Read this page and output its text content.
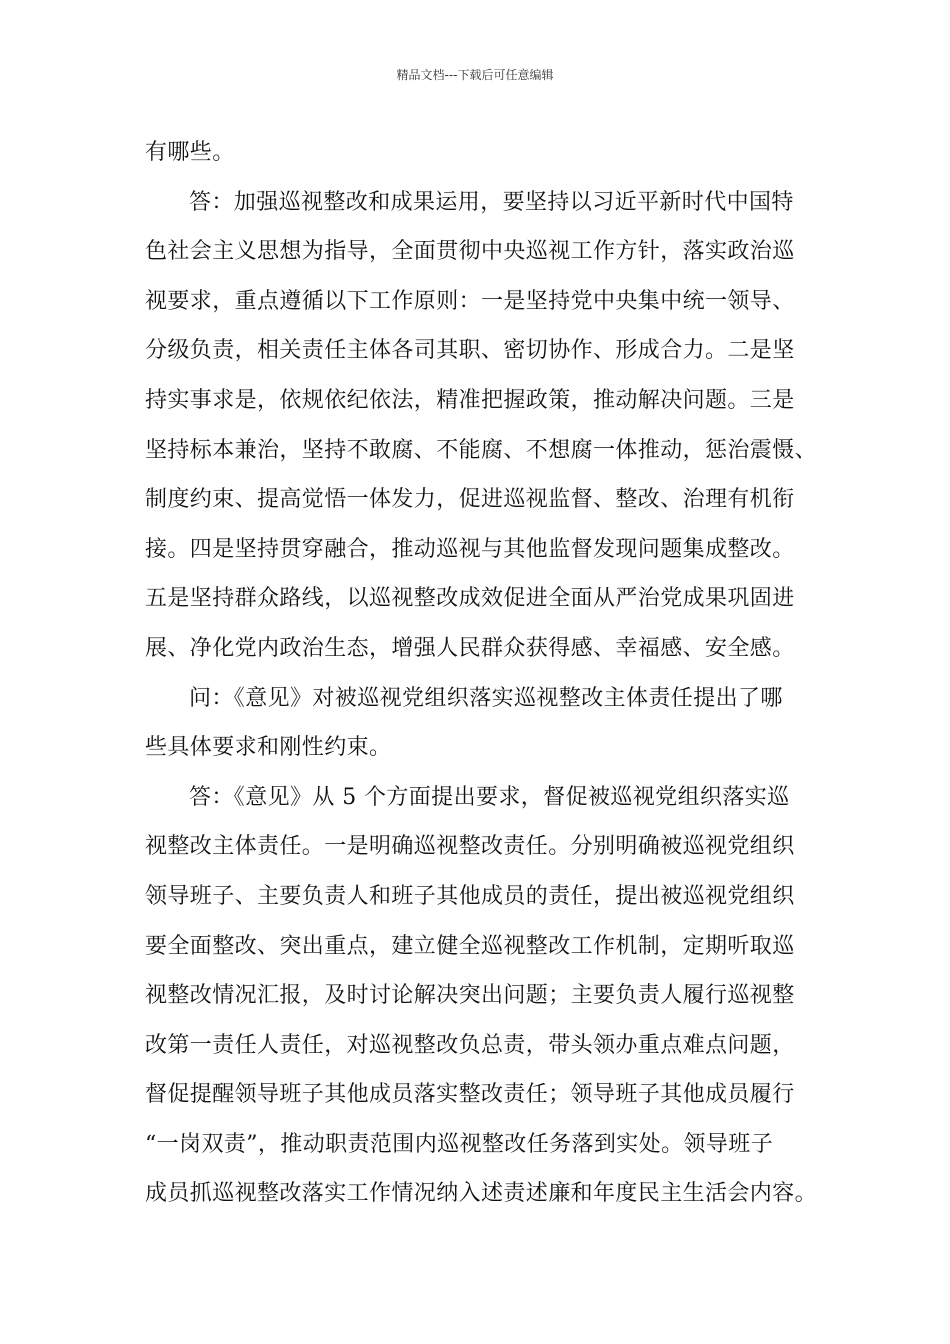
精品文档---下载后可任意编辑
有哪些。
答：加强巡视整改和成果运用，要坚持以习近平新时代中国特
色社会主义思想为指导，全面贯彻中央巡视工作方针，落实政治巡
视要求，重点遵循以下工作原则：一是坚持党中央集中统一领导、
分级负责，相关责任主体各司其职、密切协作、形成合力。二是坚
持实事求是，依规依纪依法，精准把握政策，推动解决问题。三是
坚持标本兼治，坚持不敢腐、不能腐、不想腐一体推动，惩治震慑、
制度约束、提高觉悟一体发力，促进巡视监督、整改、治理有机衔
接。四是坚持贯穿融合，推动巡视与其他监督发现问题集成整改。
五是坚持群众路线，以巡视整改成效促进全面从严治党成果巩固进
展、净化党内政治生态，增强人民群众获得感、幸福感、安全感。
问：《意见》对被巡视党组织落实巡视整改主体责任提出了哪
些具体要求和刚性约束。
答：《意见》从 5 个方面提出要求，督促被巡视党组织落实巡
视整改主体责任。一是明确巡视整改责任。分别明确被巡视党组织
领导班子、主要负责人和班子其他成员的责任，提出被巡视党组织
要全面整改、突出重点，建立健全巡视整改工作机制，定期听取巡
视整改情况汇报，及时讨论解决突出问题；主要负责人履行巡视整
改第一责任人责任，对巡视整改负总责，带头领办重点难点问题，
督促提醒领导班子其他成员落实整改责任；领导班子其他成员履行
“一岗双责”，推动职责范围内巡视整改任务落到实处。领导班子
成员抓巡视整改落实工作情况纳入述责述廉和年度民主生活会内容。
